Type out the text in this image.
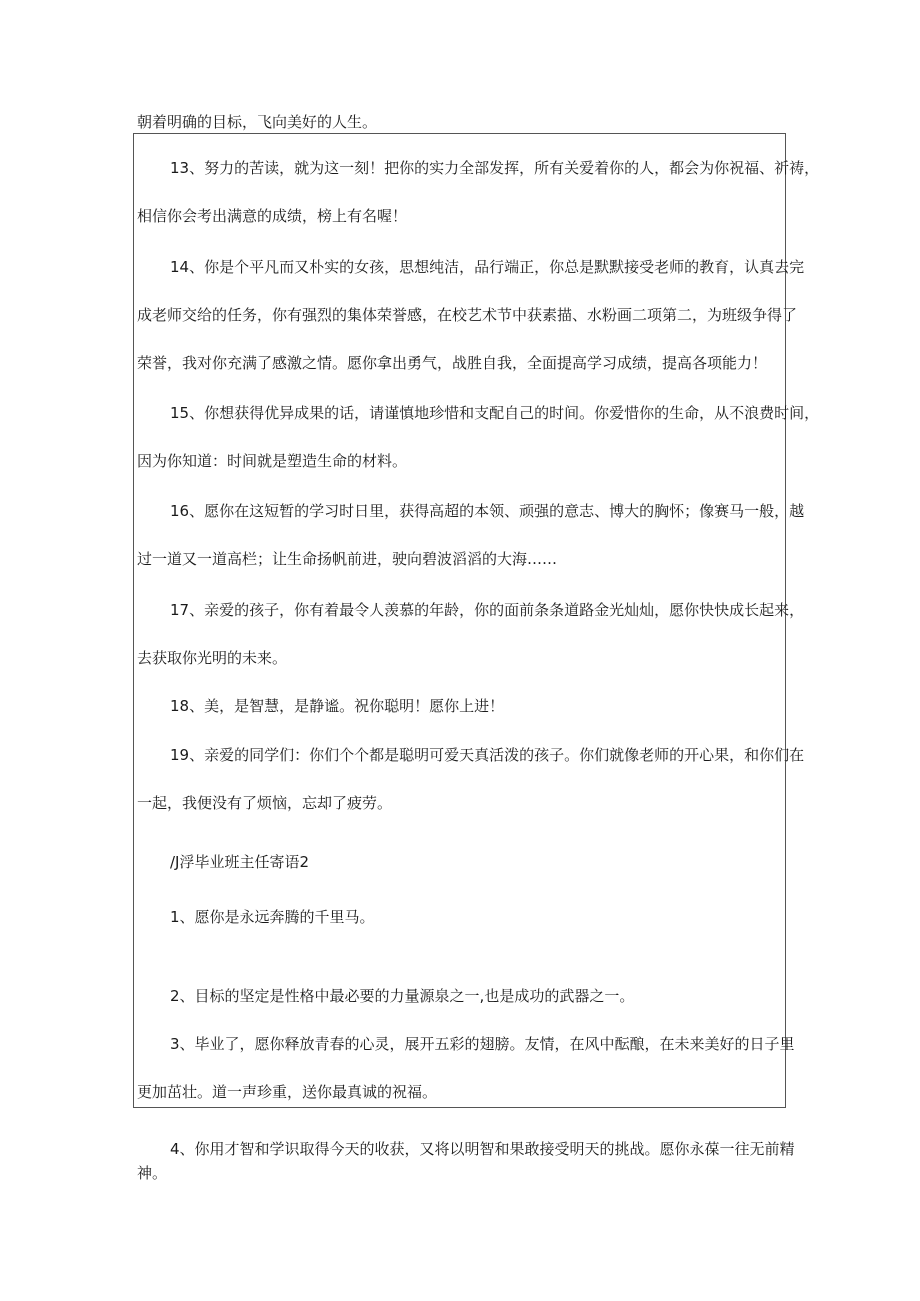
朝着明确的目标，飞向美好的人生。
13、努力的苦读，就为这一刻！把你的实力全部发挥，所有关爱着你的人，都会为你祝福、祈祷，
相信你会考出满意的成绩，榜上有名喔！
14、你是个平凡而又朴实的女孩，思想纯洁，品行端正，你总是默默接受老师的教育，认真去完
成老师交给的任务，你有强烈的集体荣誉感，在校艺术节中获素描、水粉画二项第二，为班级争得了
荣誉，我对你充满了感激之情。愿你拿出勇气，战胜自我，全面提高学习成绩，提高各项能力！
15、你想获得优异成果的话，请谨慎地珍惜和支配自己的时间。你爱惜你的生命，从不浪费时间，
因为你知道：时间就是塑造生命的材料。
16、愿你在这短暂的学习时日里，获得高超的本领、顽强的意志、博大的胸怀；像赛马一般，越
过一道又一道高栏；让生命扬帆前进，驶向碧波滔滔的大海……
17、亲爱的孩子，你有着最令人羡慕的年龄，你的面前条条道路金光灿灿，愿你快快成长起来，
去获取你光明的未来。
18、美，是智慧，是静谧。祝你聪明！愿你上进！
19、亲爱的同学们：你们个个都是聪明可爱天真活泼的孩子。你们就像老师的开心果，和你们在
一起，我便没有了烦恼，忘却了疲劳。
/J浮毕业班主任寄语2
1、愿你是永远奔腾的千里马。
2、目标的坚定是性格中最必要的力量源泉之一,也是成功的武器之一。
3、毕业了，愿你释放青春的心灵，展开五彩的翅膀。友情，在风中酝酿，在未来美好的日子里
更加茁壮。道一声珍重，送你最真诚的祝福。
4、你用才智和学识取得今天的收获，又将以明智和果敢接受明天的挑战。愿你永葆一往无前精
神。
